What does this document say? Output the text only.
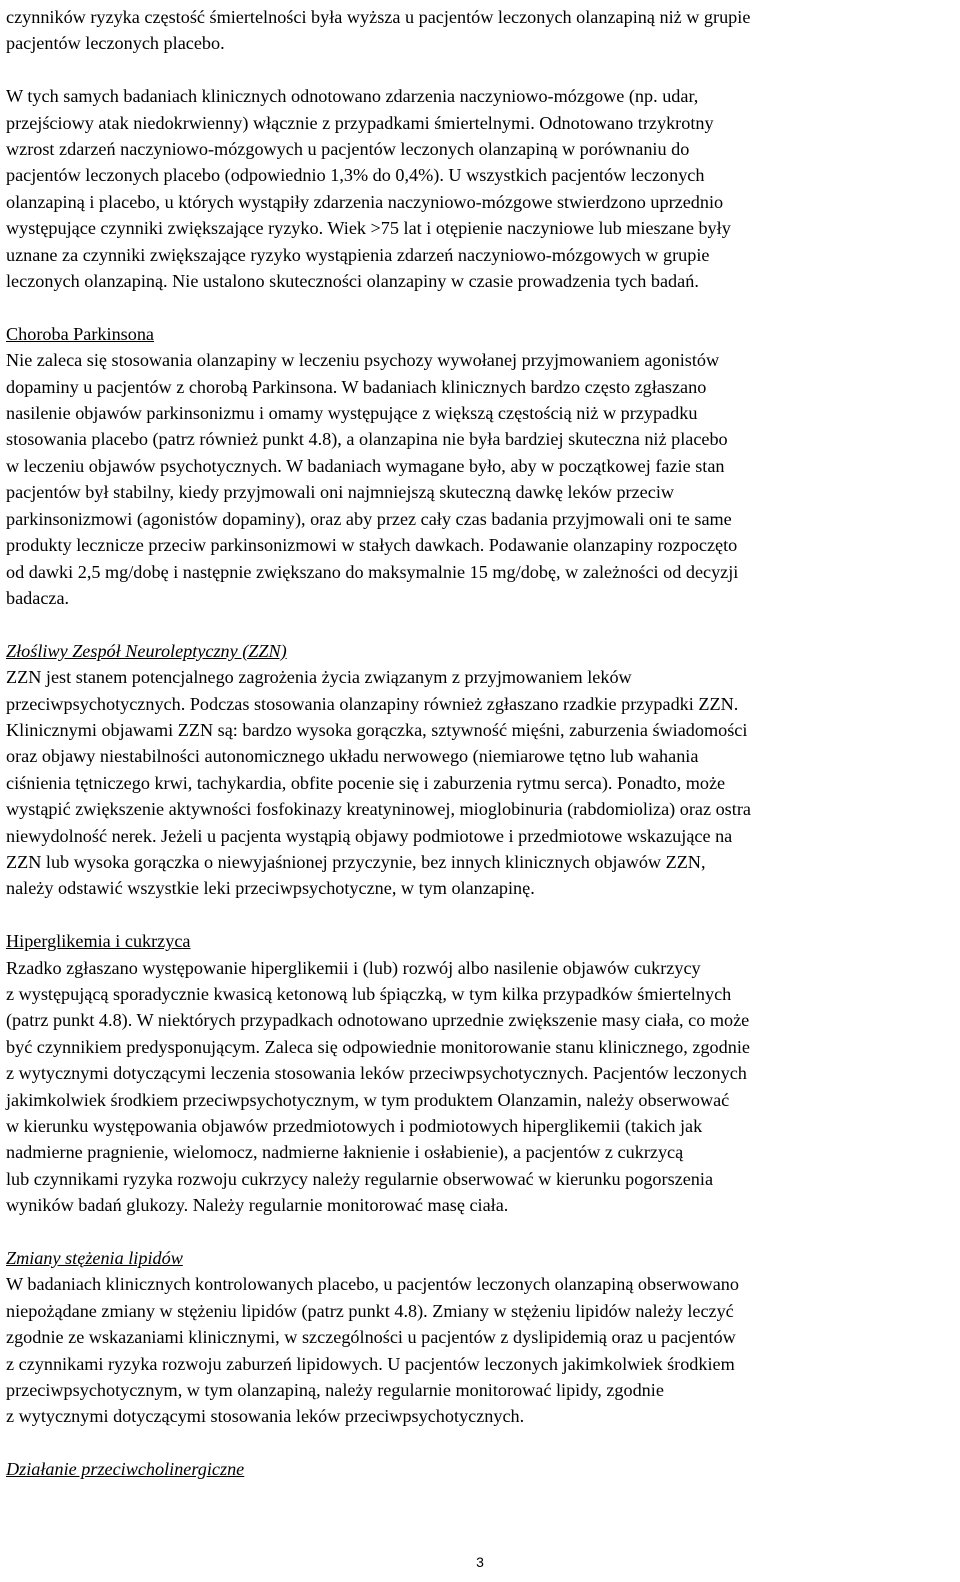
czynników ryzyka częstość śmiertelności była wyższa u pacjentów leczonych olanzapiną niż w grupie
pacjentów leczonych placebo.

W tych samych badaniach klinicznych odnotowano zdarzenia naczyniowo-mózgowe (np. udar,
przejściowy atak niedokrwienny) włącznie z przypadkami śmiertelnymi. Odnotowano trzykrotny
wzrost zdarzeń naczyniowo-mózgowych u pacjentów leczonych olanzapiną w porównaniu do
pacjentów leczonych placebo (odpowiednio 1,3% do 0,4%). U wszystkich pacjentów leczonych
olanzapiną i placebo, u których wystąpiły zdarzenia naczyniowo-mózgowe stwierdzono uprzednio
występujące czynniki zwiększające ryzyko. Wiek >75 lat i otępienie naczyniowe lub mieszane były
uznane za czynniki zwiększające ryzyko wystąpienia zdarzeń naczyniowo-mózgowych w grupie
leczonych olanzapiną. Nie ustalono skuteczności olanzapiny w czasie prowadzenia tych badań.

Choroba Parkinsona

Nie zaleca się stosowania olanzapiny w leczeniu psychozy wywołanej przyjmowaniem agonistów
dopaminy u pacjentów z chorobą Parkinsona. W badaniach klinicznych bardzo często zgłaszano
nasilenie objawów parkinsonizmu i omamy występujące z większą częstością niż w przypadku
stosowania placebo (patrz również punkt 4.8), a olanzapina nie była bardziej skuteczna niż placebo
w leczeniu objawów psychotycznych. W badaniach wymagane było, aby w początkowej fazie stan
pacjentów był stabilny, kiedy przyjmowali oni najmniejszą skuteczną dawkę leków przeciw
parkinsonizmowi (agonistów dopaminy), oraz aby przez cały czas badania przyjmowali oni te same
produkty lecznicze przeciw parkinsonizmowi w stałych dawkach. Podawanie olanzapiny rozpoczęto
od dawki 2,5 mg/dobę i następnie zwiększano do maksymalnie 15 mg/dobę, w zależności od decyzji
badacza.

Złośliwy Zespół Neuroleptyczny (ZZN)

ZZN jest stanem potencjalnego zagrożenia życia związanym z przyjmowaniem leków
przeciwpsychotycznych. Podczas stosowania olanzapiny również zgłaszano rzadkie przypadki ZZN.
Klinicznymi objawami ZZN są: bardzo wysoka gorączka, sztywność mięśni, zaburzenia świadomości
oraz objawy niestabilności autonomicznego układu nerwowego (niemiarowe tętno lub wahania
ciśnienia tętniczego krwi, tachykardia, obfite pocenie się i zaburzenia rytmu serca). Ponadto, może
wystąpić zwiększenie aktywności fosfokinazy kreatyninowej, mioglobinuria (rabdomioliza) oraz ostra
niewydolność nerek. Jeżeli u pacjenta wystąpią objawy podmiotowe i przedmiotowe wskazujące na
ZZN lub wysoka gorączka o niewyjaśnionej przyczynie, bez innych klinicznych objawów ZZN,
należy odstawić wszystkie leki przeciwpsychotyczne, w tym olanzapinę.

Hiperglikemia i cukrzyca

Rzadko zgłaszano występowanie hiperglikemii i (lub) rozwój albo nasilenie objawów cukrzycy
z występującą sporadycznie kwasicą ketonową lub śpiączką, w tym kilka przypadków śmiertelnych
(patrz punkt 4.8). W niektórych przypadkach odnotowano uprzednie zwiększenie masy ciała, co może
być czynnikiem predysponującym. Zaleca się odpowiednie monitorowanie stanu klinicznego, zgodnie
z wytycznymi dotyczącymi leczenia stosowania leków przeciwpsychotycznych. Pacjentów leczonych
jakimkolwiek środkiem przeciwpsychotycznym, w tym produktem Olanzamin, należy obserwować
w kierunku występowania objawów przedmiotowych i podmiotowych hiperglikemii (takich jak
nadmierne pragnienie, wielomocz, nadmierne łaknienie i osłabienie), a pacjentów z cukrzycą
lub czynnikami ryzyka rozwoju cukrzycy należy regularnie obserwować w kierunku pogorszenia
wyników badań glukozy. Należy regularnie monitorować masę ciała.

Zmiany stężenia lipidów

W badaniach klinicznych kontrolowanych placebo, u pacjentów leczonych olanzapiną obserwowano
niepożądane zmiany w stężeniu lipidów (patrz punkt 4.8). Zmiany w stężeniu lipidów należy leczyć
zgodnie ze wskazaniami klinicznymi, w szczególności u pacjentów z dyslipidemią oraz u pacjentów
z czynnikami ryzyka rozwoju zaburzeń lipidowych. U pacjentów leczonych jakimkolwiek środkiem
przeciwpsychotycznym, w tym olanzapiną, należy regularnie monitorować lipidy, zgodnie
z wytycznymi dotyczącymi stosowania leków przeciwpsychotycznych.

Działanie przeciwcholinergiczne

3
